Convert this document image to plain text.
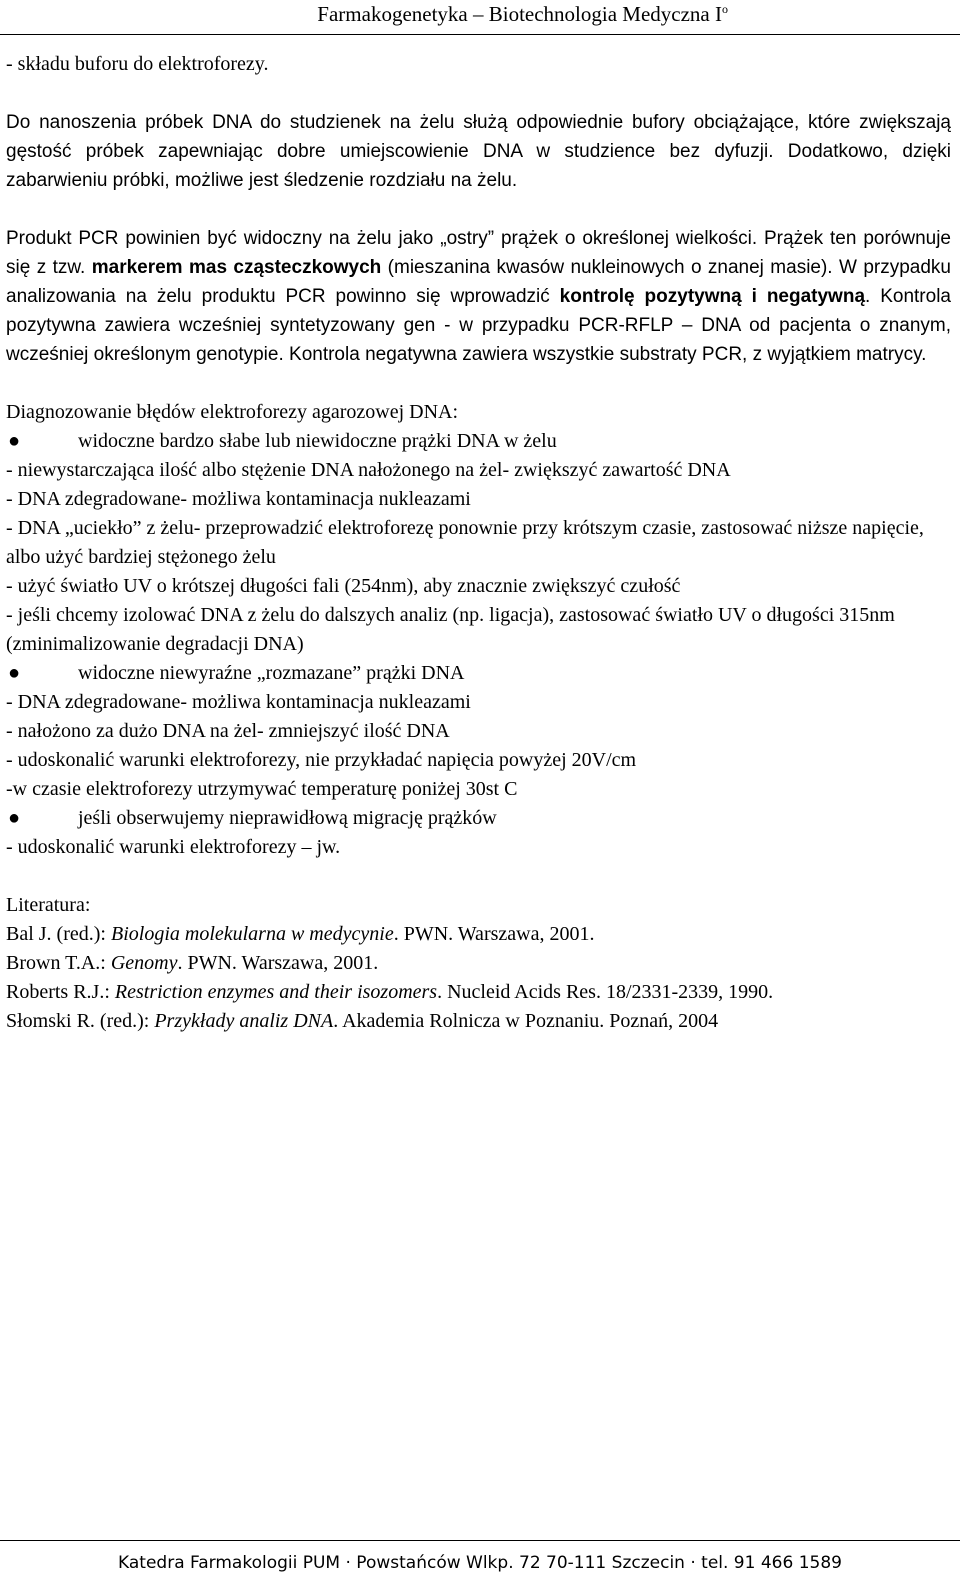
Farmakogenetyka – Biotechnologia Medyczna $I^o$

- składu buforu do elektroforezy.

Do nanoszenia próbek DNA do studzienek na żelu służą odpowiednie bufory obciążające, które zwiększają gęstość próbek zapewniając dobre umiejscowienie DNA w studzience bez dyfuzji. Dodatkowo, dzięki zabarwieniu próbki, możliwe jest śledzenie rozdziału na żelu.

Produkt PCR powinien być widoczny na żelu jako „ostry” prążek o określonej wielkości. Prążek ten porównuje się z tzw. markerem mas cząsteczkowych (mieszanina kwasów nukleinowych o znanej masie). W przypadku analizowania na żelu produktu PCR powinno się wprowadzić kontrolę pozytywną i negatywną. Kontrola pozytywna zawiera wcześniej syntetyzowany gen - w przypadku PCR-RFLP – DNA od pacjenta o znanym, wcześniej określonym genotypie. Kontrola negatywna zawiera wszystkie substraty PCR, z wyjątkiem matrycy.

Diagnozowanie błędów elektroforezy agarozowej DNA:

●	widoczne bardzo słabe lub niewidoczne prążki DNA w żelu

- niewystarczająca ilość albo stężenie DNA nałożonego na żel- zwiększyć zawartość DNA

- DNA zdegradowane- możliwa kontaminacja nukleazami

- DNA „uciekło” z żelu- przeprowadzić elektroforezę ponownie przy krótszym czasie, zastosować niższe napięcie, albo użyć bardziej stężonego żelu

- użyć światło UV o krótszej długości fali (254nm), aby znacznie zwiększyć czułość

- jeśli chcemy izolować DNA z żelu do dalszych analiz (np. ligacja), zastosować światło UV o długości 315nm (zminimalizowanie degradacji DNA)

●	widoczne niewyraźne „rozmazane” prążki DNA

- DNA zdegradowane- możliwa kontaminacja nukleazami

- nałożono za dużo DNA na żel- zmniejszyć ilość DNA

- udoskonalić warunki elektroforezy, nie przykładać napięcia powyżej 20V/cm

-w czasie elektroforezy utrzymywać temperaturę poniżej 30st C

●	jeśli obserwujemy nieprawidłową migrację prążków

- udoskonalić warunki elektroforezy – jw.

Literatura:

Bal J. (red.): Biologia molekularna w medycynie. PWN. Warszawa, 2001.

Brown T.A.: Genomy. PWN. Warszawa, 2001.

Roberts R.J.: Restriction enzymes and their isozomers. Nucleid Acids Res. 18/2331-2339, 1990.

Słomski R. (red.): Przykłady analiz DNA. Akademia Rolnicza w Poznaniu. Poznań, 2004

Katedra Farmakologii PUM · Powstańców Wlkp. 72 70-111 Szczecin · tel. 91 466 1589
